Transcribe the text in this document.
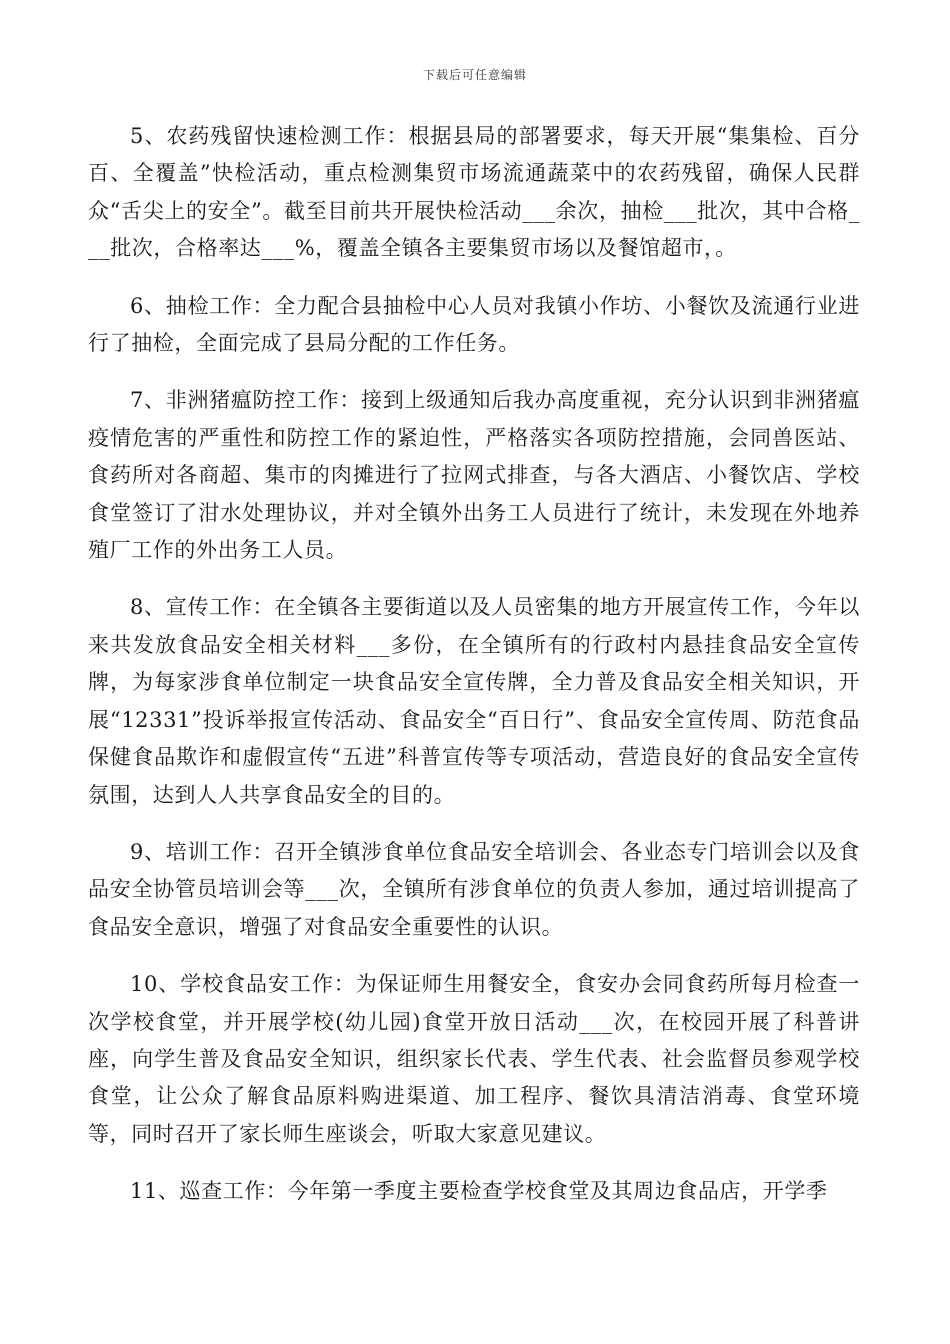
下载后可任意编辑

5、农药残留快速检测工作：根据县局的部署要求，每天开展“集集检、百分百、全覆盖”快检活动，重点检测集贸市场流通蔬菜中的农药残留，确保人民群众“舌尖上的安全”。截至目前共开展快检活动___余次，抽检___批次，其中合格___批次，合格率达___%，覆盖全镇各主要集贸市场以及餐馆超市，。

6、抽检工作：全力配合县抽检中心人员对我镇小作坊、小餐饮及流通行业进行了抽检，全面完成了县局分配的工作任务。

7、非洲猪瘟防控工作：接到上级通知后我办高度重视，充分认识到非洲猪瘟疫情危害的严重性和防控工作的紧迫性，严格落实各项防控措施，会同兽医站、食药所对各商超、集市的肉摊进行了拉网式排查，与各大酒店、小餐饮店、学校食堂签订了泔水处理协议，并对全镇外出务工人员进行了统计，未发现在外地养殖厂工作的外出务工人员。

8、宣传工作：在全镇各主要街道以及人员密集的地方开展宣传工作，今年以来共发放食品安全相关材料___多份，在全镇所有的行政村内悬挂食品安全宣传牌，为每家涉食单位制定一块食品安全宣传牌，全力普及食品安全相关知识，开展“12331”投诉举报宣传活动、食品安全“百日行”、食品安全宣传周、防范食品保健食品欺诈和虚假宣传“五进”科普宣传等专项活动，营造良好的食品安全宣传氛围，达到人人共享食品安全的目的。

9、培训工作：召开全镇涉食单位食品安全培训会、各业态专门培训会以及食品安全协管员培训会等___次，全镇所有涉食单位的负责人参加，通过培训提高了食品安全意识，增强了对食品安全重要性的认识。

10、学校食品安工作：为保证师生用餐安全，食安办会同食药所每月检查一次学校食堂，并开展学校(幼儿园)食堂开放日活动___次，在校园开展了科普讲座，向学生普及食品安全知识，组织家长代表、学生代表、社会监督员参观学校食堂，让公众了解食品原料购进渠道、加工程序、餐饮具清洁消毒、食堂环境等，同时召开了家长师生座谈会，听取大家意见建议。

11、巡查工作：今年第一季度主要检查学校食堂及其周边食品店，开学季
